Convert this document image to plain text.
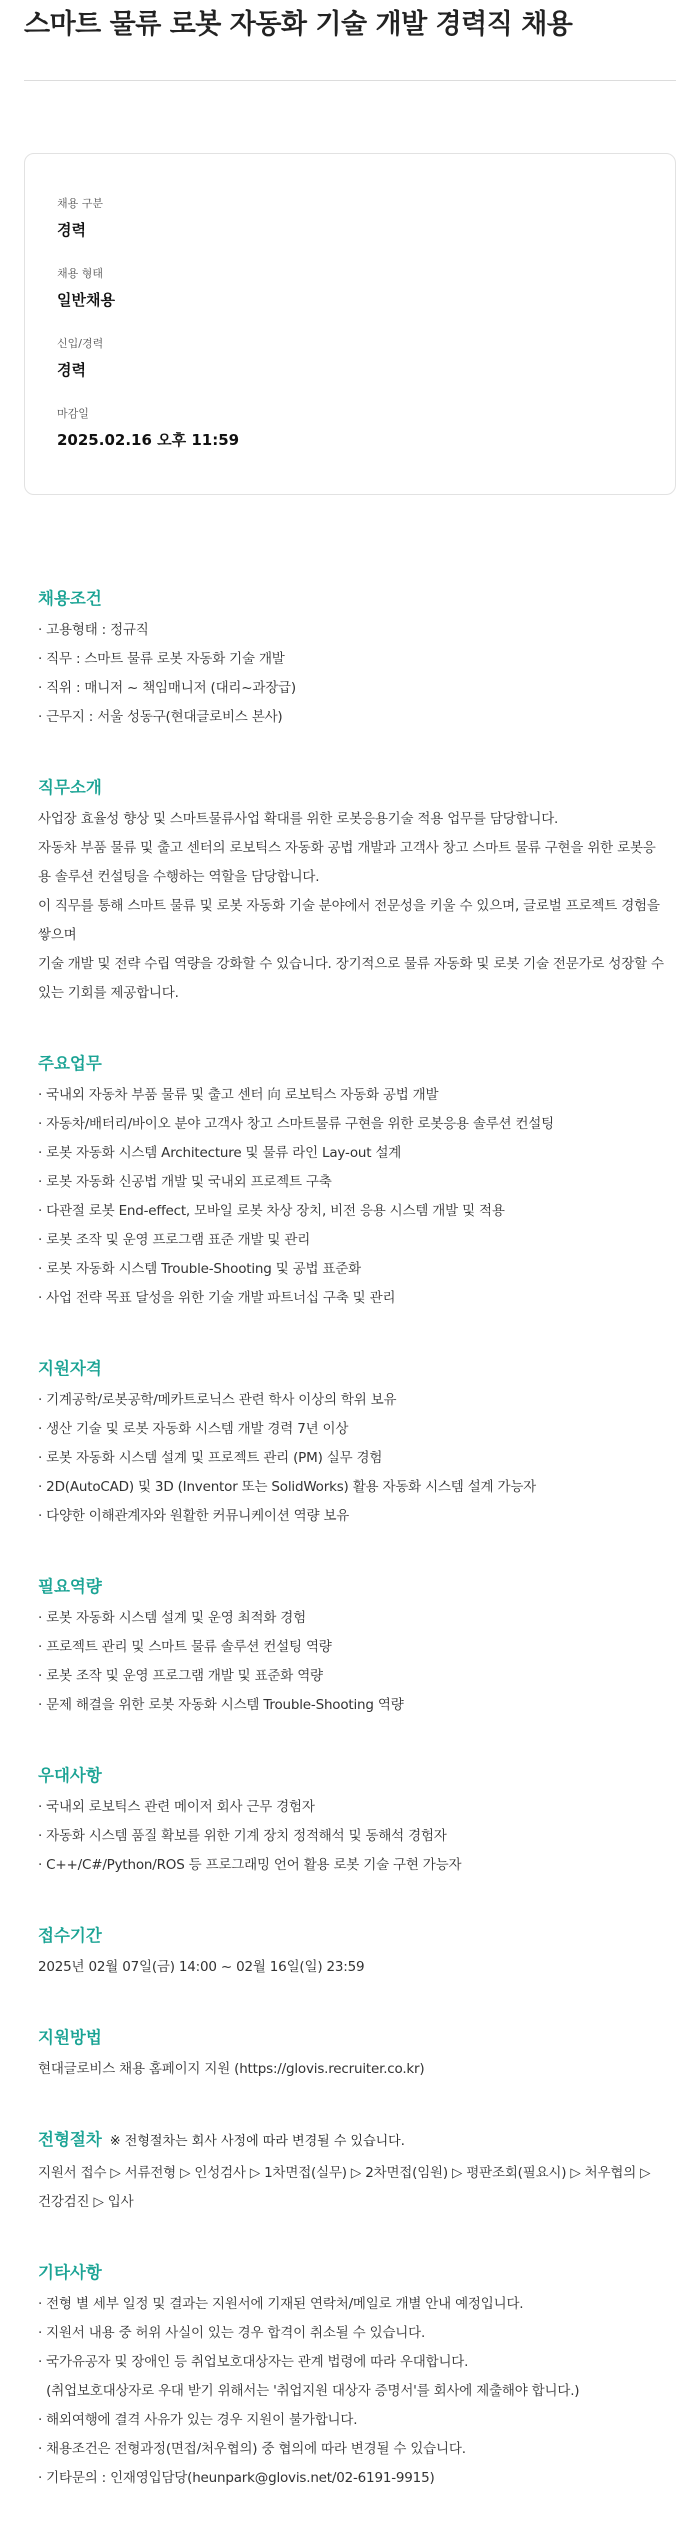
스마트 물류 로봇 자동화 기술 개발 경력직 채용
채용 구분
경력
채용 형태
일반채용
신입/경력
경력
마감일
2025.02.16 오후 11:59
채용조건
· 고용형태 : 정규직
· 직무 : 스마트 물류 로봇 자동화 기술 개발
· 직위 : 매니저 ~ 책임매니저 (대리~과장급)
· 근무지 : 서울 성동구(현대글로비스 본사)
직무소개
사업장 효율성 향상 및 스마트물류사업 확대를 위한 로봇응용기술 적용 업무를 담당합니다.
자동차 부품 물류 및 출고 센터의 로보틱스 자동화 공법 개발과 고객사 창고 스마트 물류 구현을 위한 로봇응용 솔루션 컨설팅을 수행하는 역할을 담당합니다.
이 직무를 통해 스마트 물류 및 로봇 자동화 기술 분야에서 전문성을 키울 수 있으며, 글로벌 프로젝트 경험을 쌓으며
기술 개발 및 전략 수립 역량을 강화할 수 있습니다. 장기적으로 물류 자동화 및 로봇 기술 전문가로 성장할 수 있는 기회를 제공합니다.
주요업무
· 국내외 자동차 부품 물류 및 출고 센터 向 로보틱스 자동화 공법 개발
· 자동차/배터리/바이오 분야 고객사 창고 스마트물류 구현을 위한 로봇응용 솔루션 컨설팅
· 로봇 자동화 시스템 Architecture 및 물류 라인 Lay-out 설계
· 로봇 자동화 신공법 개발 및 국내외 프로젝트 구축
· 다관절 로봇 End-effect, 모바일 로봇 차상 장치, 비전 응용 시스템 개발 및 적용
· 로봇 조작 및 운영 프로그램 표준 개발 및 관리
· 로봇 자동화 시스템 Trouble-Shooting 및 공법 표준화
· 사업 전략 목표 달성을 위한 기술 개발 파트너십 구축 및 관리
지원자격
· 기계공학/로봇공학/메카트로닉스 관련 학사 이상의 학위 보유
· 생산 기술 및 로봇 자동화 시스템 개발 경력 7년 이상
· 로봇 자동화 시스템 설계 및 프로젝트 관리 (PM) 실무 경험
· 2D(AutoCAD) 및 3D (Inventor 또는 SolidWorks) 활용 자동화 시스템 설계 가능자
· 다양한 이해관계자와 원활한 커뮤니케이션 역량 보유
필요역량
· 로봇 자동화 시스템 설계 및 운영 최적화 경험
· 프로젝트 관리 및 스마트 물류 솔루션 컨설팅 역량
· 로봇 조작 및 운영 프로그램 개발 및 표준화 역량
· 문제 해결을 위한 로봇 자동화 시스템 Trouble-Shooting 역량
우대사항
· 국내외 로보틱스 관련 메이저 회사 근무 경험자
· 자동화 시스템 품질 확보를 위한 기계 장치 정적해석 및 동해석 경험자
· C++/C#/Python/ROS 등 프로그래밍 언어 활용 로봇 기술 구현 가능자
접수기간
2025년 02월 07일(금) 14:00 ~ 02월 16일(일) 23:59
지원방법
현대글로비스 채용 홈페이지 지원 (https://glovis.recruiter.co.kr)
전형절차 ※ 전형절차는 회사 사정에 따라 변경될 수 있습니다.
지원서 접수 ▷ 서류전형 ▷ 인성검사 ▷ 1차면접(실무) ▷ 2차면접(임원) ▷ 평판조회(필요시) ▷ 처우협의 ▷ 건강검진 ▷ 입사
기타사항
· 전형 별 세부 일정 및 결과는 지원서에 기재된 연락처/메일로 개별 안내 예정입니다.
· 지원서 내용 중 허위 사실이 있는 경우 합격이 취소될 수 있습니다.
· 국가유공자 및 장애인 등 취업보호대상자는 관계 법령에 따라 우대합니다.
(취업보호대상자로 우대 받기 위해서는 '취업지원 대상자 증명서'를 회사에 제출해야 합니다.)
· 해외여행에 결격 사유가 있는 경우 지원이 불가합니다.
· 채용조건은 전형과정(면접/처우협의) 중 협의에 따라 변경될 수 있습니다.
· 기타문의 : 인재영입담당(heunpark@glovis.net/02-6191-9915)
